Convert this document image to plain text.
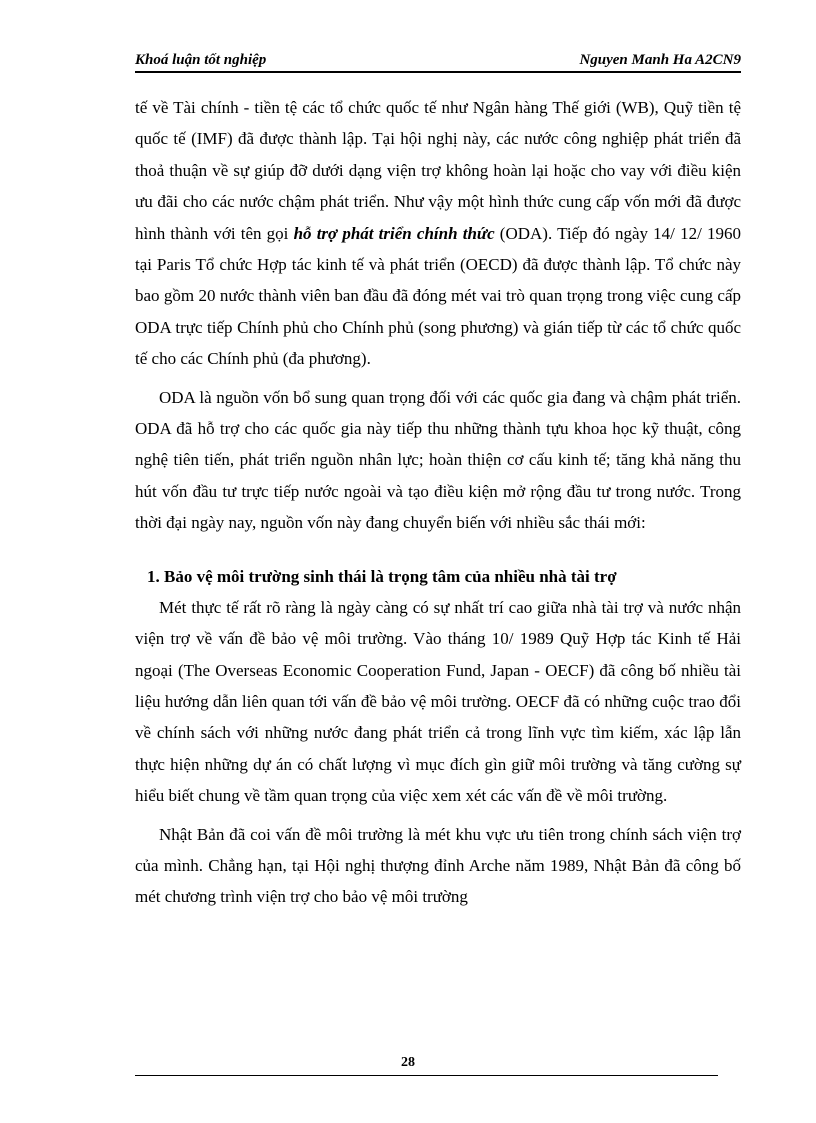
Khoá luận tốt nghiệp	Nguyen Manh Ha A2CN9

tế về Tài chính - tiền tệ các tổ chức quốc tế như Ngân hàng Thế giới (WB), Quỹ tiền tệ quốc tế (IMF) đã được thành lập. Tại hội nghị này, các nước công nghiệp phát triển đã thoả thuận về sự giúp đỡ dưới dạng viện trợ không hoàn lại hoặc cho vay với điều kiện ưu đãi cho các nước chậm phát triển. Như vậy một hình thức cung cấp vốn mới đã được hình thành với tên gọi hỗ trợ phát triển chính thức (ODA). Tiếp đó ngày 14/ 12/ 1960 tại Paris Tổ chức Hợp tác kinh tế và phát triển (OECD) đã được thành lập. Tổ chức này bao gồm 20 nước thành viên ban đầu đã đóng mét vai trò quan trọng trong việc cung cấp ODA trực tiếp Chính phủ cho Chính phủ (song phương) và gián tiếp từ các tổ chức quốc tế cho các Chính phủ (đa phương).

ODA là nguồn vốn bổ sung quan trọng đối với các quốc gia đang và chậm phát triển. ODA đã hỗ trợ cho các quốc gia này tiếp thu những thành tựu khoa học kỹ thuật, công nghệ tiên tiến, phát triển nguồn nhân lực; hoàn thiện cơ cấu kinh tế; tăng khả năng thu hút vốn đầu tư trực tiếp nước ngoài và tạo điều kiện mở rộng đầu tư trong nước. Trong thời đại ngày nay, nguồn vốn này đang chuyển biến với nhiều sắc thái mới:

1. Bảo vệ môi trường sinh thái là trọng tâm của nhiều nhà tài trợ

Mét thực tế rất rõ ràng là ngày càng có sự nhất trí cao giữa nhà tài trợ và nước nhận viện trợ về vấn đề bảo vệ môi trường. Vào tháng 10/ 1989 Quỹ Hợp tác Kinh tế Hải ngoại (The Overseas Economic Cooperation Fund, Japan - OECF) đã công bố nhiều tài liệu hướng dẫn liên quan tới vấn đề bảo vệ môi trường. OECF đã có những cuộc trao đổi về chính sách với những nước đang phát triển cả trong lĩnh vực tìm kiếm, xác lập lẫn thực hiện những dự án có chất lượng vì mục đích gìn giữ môi trường và tăng cường sự hiểu biết chung về tầm quan trọng của việc xem xét các vấn đề về môi trường.

Nhật Bản đã coi vấn đề môi trường là mét khu vực ưu tiên trong chính sách viện trợ của mình. Chẳng hạn, tại Hội nghị thượng đỉnh Arche năm 1989, Nhật Bản đã công bố mét chương trình viện trợ cho bảo vệ môi trường

28
